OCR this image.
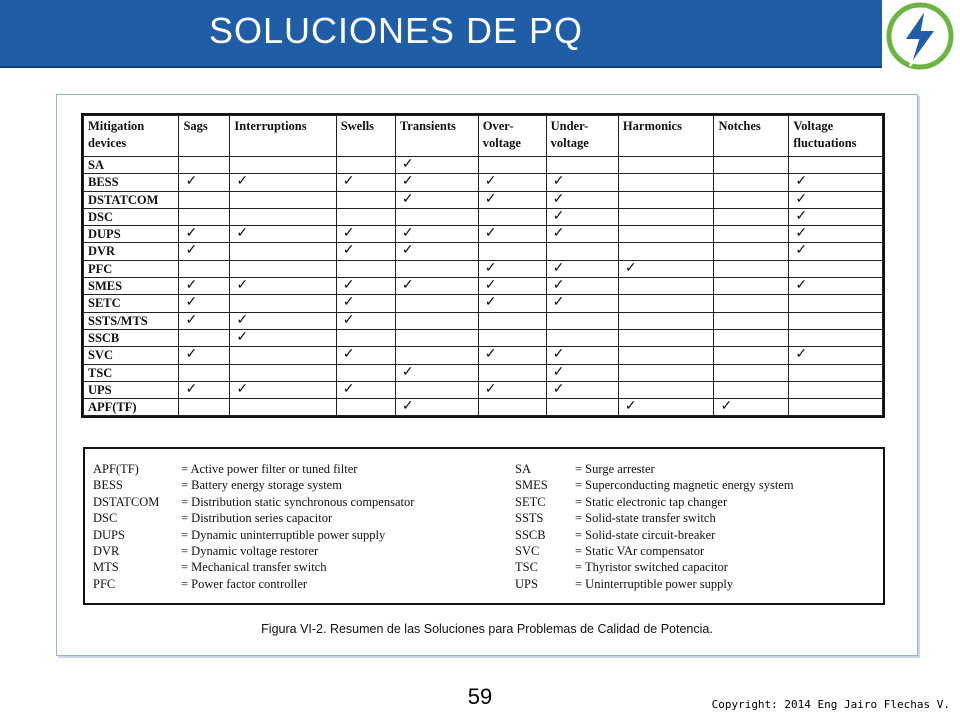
SOLUCIONES DE PQ
Mitigation devices	Sags	Interruptions	Swells	Transients	Over-voltage	Under-voltage	Harmonics	Notches	Voltage fluctuations
SA				✓					
BESS	✓	✓	✓	✓	✓	✓			✓
DSTATCOM				✓	✓	✓			✓
DSC						✓			✓
DUPS	✓	✓	✓	✓	✓	✓			✓
DVR	✓		✓	✓					✓
PFC					✓	✓	✓		
SMES	✓	✓	✓	✓	✓	✓			✓
SETC	✓		✓		✓	✓			
SSTS/MTS	✓	✓	✓						
SSCB		✓							
SVC	✓		✓		✓	✓			✓
TSC				✓		✓			
UPS	✓	✓	✓		✓	✓			
APF(TF)				✓			✓	✓	
APF(TF)	= Active power filter or tuned filter
BESS	= Battery energy storage system
DSTATCOM = Distribution static synchronous compensator
DSC	= Distribution series capacitor
DUPS	= Dynamic uninterruptible power supply
DVR	= Dynamic voltage restorer
MTS	= Mechanical transfer switch
PFC	= Power factor controller
SA	= Surge arrester
SMES = Superconducting magnetic energy system
SETC = Static electronic tap changer
SSTS	= Solid-state transfer switch
SSCB = Solid-state circuit-breaker
SVC	= Static VAr compensator
TSC	= Thyristor switched capacitor
UPS	= Uninterruptible power supply
Figura VI-2. Resumen de las Soluciones para Problemas de Calidad de Potencia.
59	Copyright: 2014 Eng Jairo Flechas V.
